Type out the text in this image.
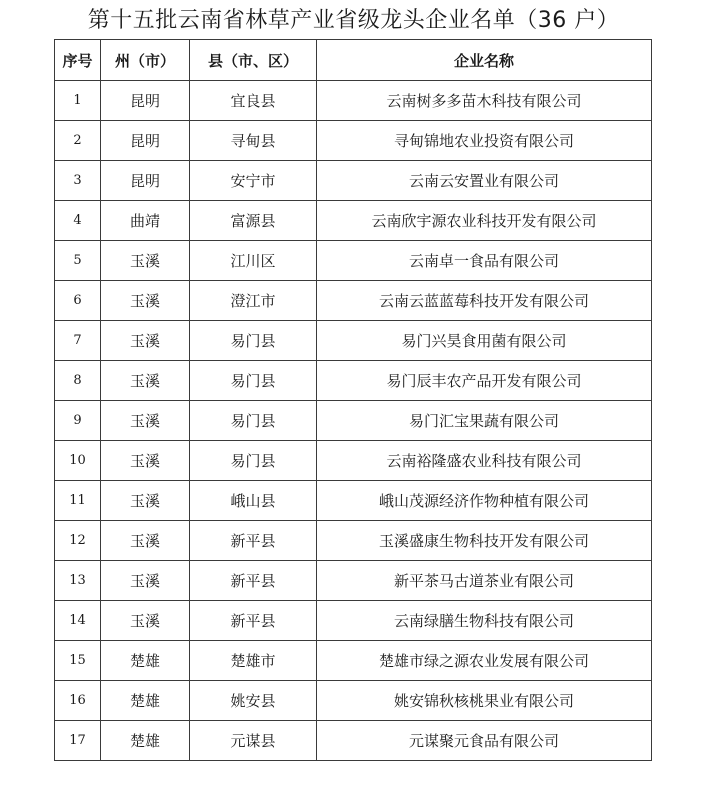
第十五批云南省林草产业省级龙头企业名单（36 户）
序号	州（市）	县（市、区）	企业名称
1	昆明	宜良县	云南树多多苗木科技有限公司
2	昆明	寻甸县	寻甸锦地农业投资有限公司
3	昆明	安宁市	云南云安置业有限公司
4	曲靖	富源县	云南欣宇源农业科技开发有限公司
5	玉溪	江川区	云南卓一食品有限公司
6	玉溪	澄江市	云南云蓝蓝莓科技开发有限公司
7	玉溪	易门县	易门兴昊食用菌有限公司
8	玉溪	易门县	易门辰丰农产品开发有限公司
9	玉溪	易门县	易门汇宝果蔬有限公司
10	玉溪	易门县	云南裕隆盛农业科技有限公司
11	玉溪	峨山县	峨山茂源经济作物种植有限公司
12	玉溪	新平县	玉溪盛康生物科技开发有限公司
13	玉溪	新平县	新平茶马古道茶业有限公司
14	玉溪	新平县	云南绿膳生物科技有限公司
15	楚雄	楚雄市	楚雄市绿之源农业发展有限公司
16	楚雄	姚安县	姚安锦秋核桃果业有限公司
17	楚雄	元谋县	元谋聚元食品有限公司
